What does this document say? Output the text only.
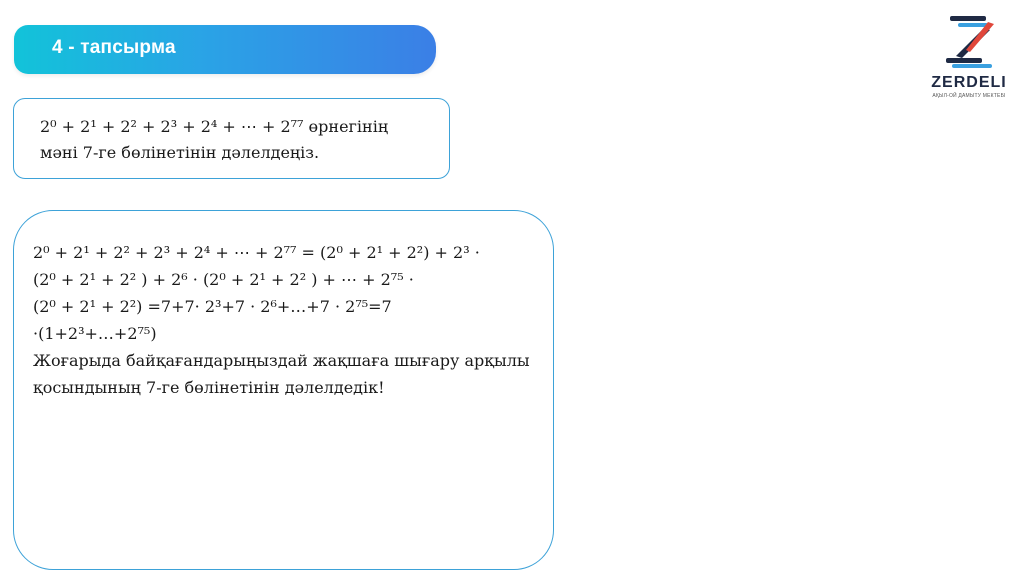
4 - тапсырма
ZERDELI
АҚЫЛ-ОЙ ДАМЫТУ МЕКТЕБІ
2⁰ + 2¹ + 2² + 2³ + 2⁴ + ⋯ + 2⁷⁷ өрнегінің
мәні 7-ге бөлінетінін дәлелдеңіз.
2⁰ + 2¹ + 2² + 2³ + 2⁴ + ⋯ + 2⁷⁷ = (2⁰ + 2¹ + 2²) + 2³ ·
(2⁰ + 2¹ + 2² ) + 2⁶ · (2⁰ + 2¹ + 2² ) + ⋯ + 2⁷⁵ ·
(2⁰ + 2¹ + 2²) =7+7· 2³+7 · 2⁶+…+7 · 2⁷⁵=7
·(1+2³+…+2⁷⁵)
Жоғарыда байқағандарыңыздай жақшаға шығару арқылы
қосындының 7-ге бөлінетінін дәлелдедік!
